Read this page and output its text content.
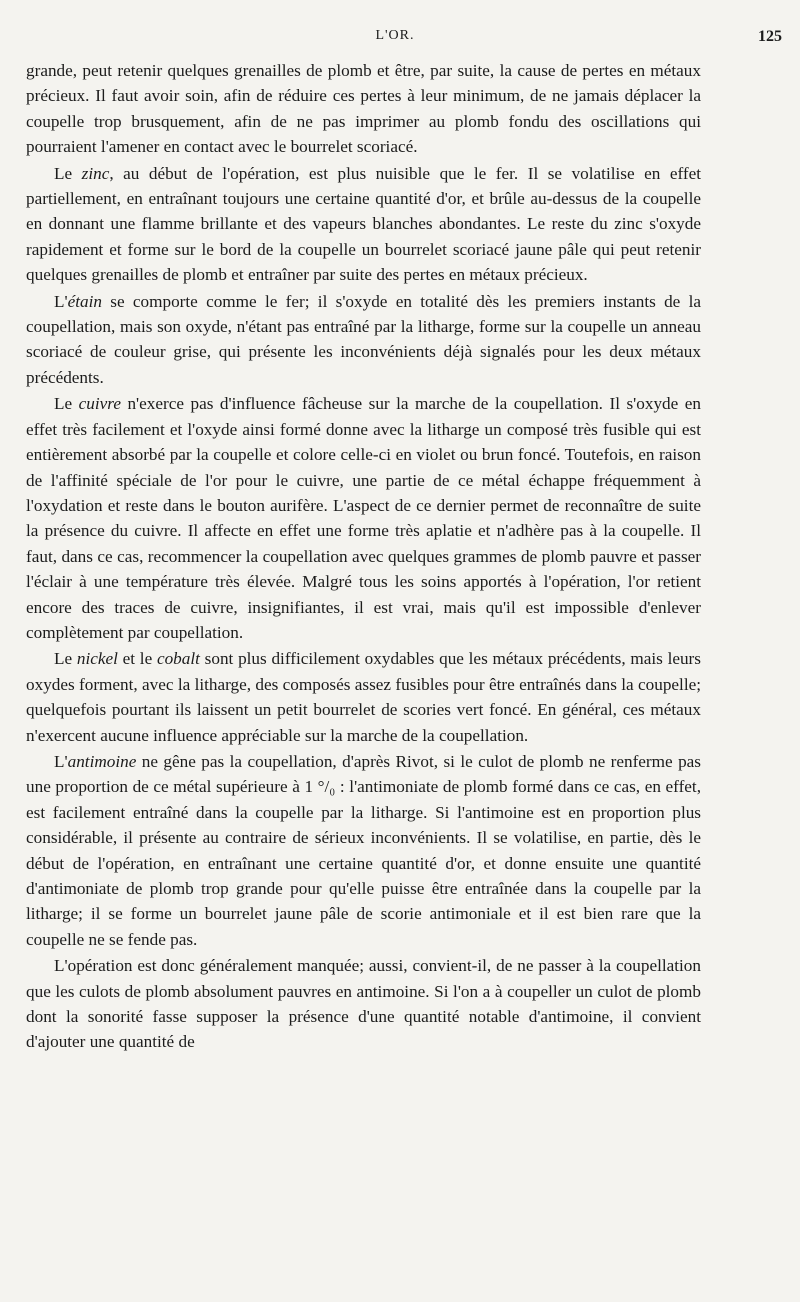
L'OR.	125

grande, peut retenir quelques grenailles de plomb et être, par suite, la cause de pertes en métaux précieux. Il faut avoir soin, afin de réduire ces pertes à leur minimum, de ne jamais déplacer la coupelle trop brusquement, afin de ne pas imprimer au plomb fondu des oscillations qui pourraient l'amener en contact avec le bourrelet scoriacé.

Le zinc, au début de l'opération, est plus nuisible que le fer. Il se volatilise en effet partiellement, en entraînant toujours une certaine quantité d'or, et brûle au-dessus de la coupelle en donnant une flamme brillante et des vapeurs blanches abondantes. Le reste du zinc s'oxyde rapidement et forme sur le bord de la coupelle un bourrelet scoriacé jaune pâle qui peut retenir quelques grenailles de plomb et entraîner par suite des pertes en métaux précieux.

L'étain se comporte comme le fer; il s'oxyde en totalité dès les premiers instants de la coupellation, mais son oxyde, n'étant pas entraîné par la litharge, forme sur la coupelle un anneau scoriacé de couleur grise, qui présente les inconvénients déjà signalés pour les deux métaux précédents.

Le cuivre n'exerce pas d'influence fâcheuse sur la marche de la coupellation. Il s'oxyde en effet très facilement et l'oxyde ainsi formé donne avec la litharge un composé très fusible qui est entièrement absorbé par la coupelle et colore celle-ci en violet ou brun foncé. Toutefois, en raison de l'affinité spéciale de l'or pour le cuivre, une partie de ce métal échappe fréquemment à l'oxydation et reste dans le bouton aurifère. L'aspect de ce dernier permet de reconnaître de suite la présence du cuivre. Il affecte en effet une forme très aplatie et n'adhère pas à la coupelle. Il faut, dans ce cas, recommencer la coupellation avec quelques grammes de plomb pauvre et passer l'éclair à une température très élevée. Malgré tous les soins apportés à l'opération, l'or retient encore des traces de cuivre, insignifiantes, il est vrai, mais qu'il est impossible d'enlever complètement par coupellation.

Le nickel et le cobalt sont plus difficilement oxydables que les métaux précédents, mais leurs oxydes forment, avec la litharge, des composés assez fusibles pour être entraînés dans la coupelle; quelquefois pourtant ils laissent un petit bourrelet de scories vert foncé. En général, ces métaux n'exercent aucune influence appréciable sur la marche de la coupellation.

L'antimoine ne gêne pas la coupellation, d'après Rivot, si le culot de plomb ne renferme pas une proportion de ce métal supérieure à 1 °/₀ : l'antimoniate de plomb formé dans ce cas, en effet, est facilement entraîné dans la coupelle par la litharge. Si l'antimoine est en proportion plus considérable, il présente au contraire de sérieux inconvénients. Il se volatilise, en partie, dès le début de l'opération, en entraînant une certaine quantité d'or, et donne ensuite une quantité d'antimoniate de plomb trop grande pour qu'elle puisse être entraînée dans la coupelle par la litharge; il se forme un bourrelet jaune pâle de scorie antimoniale et il est bien rare que la coupelle ne se fende pas.

L'opération est donc généralement manquée; aussi, convient-il, de ne passer à la coupellation que les culots de plomb absolument pauvres en antimoine. Si l'on a à coupeller un culot de plomb dont la sonorité fasse supposer la présence d'une quantité notable d'antimoine, il convient d'ajouter une quantité de
